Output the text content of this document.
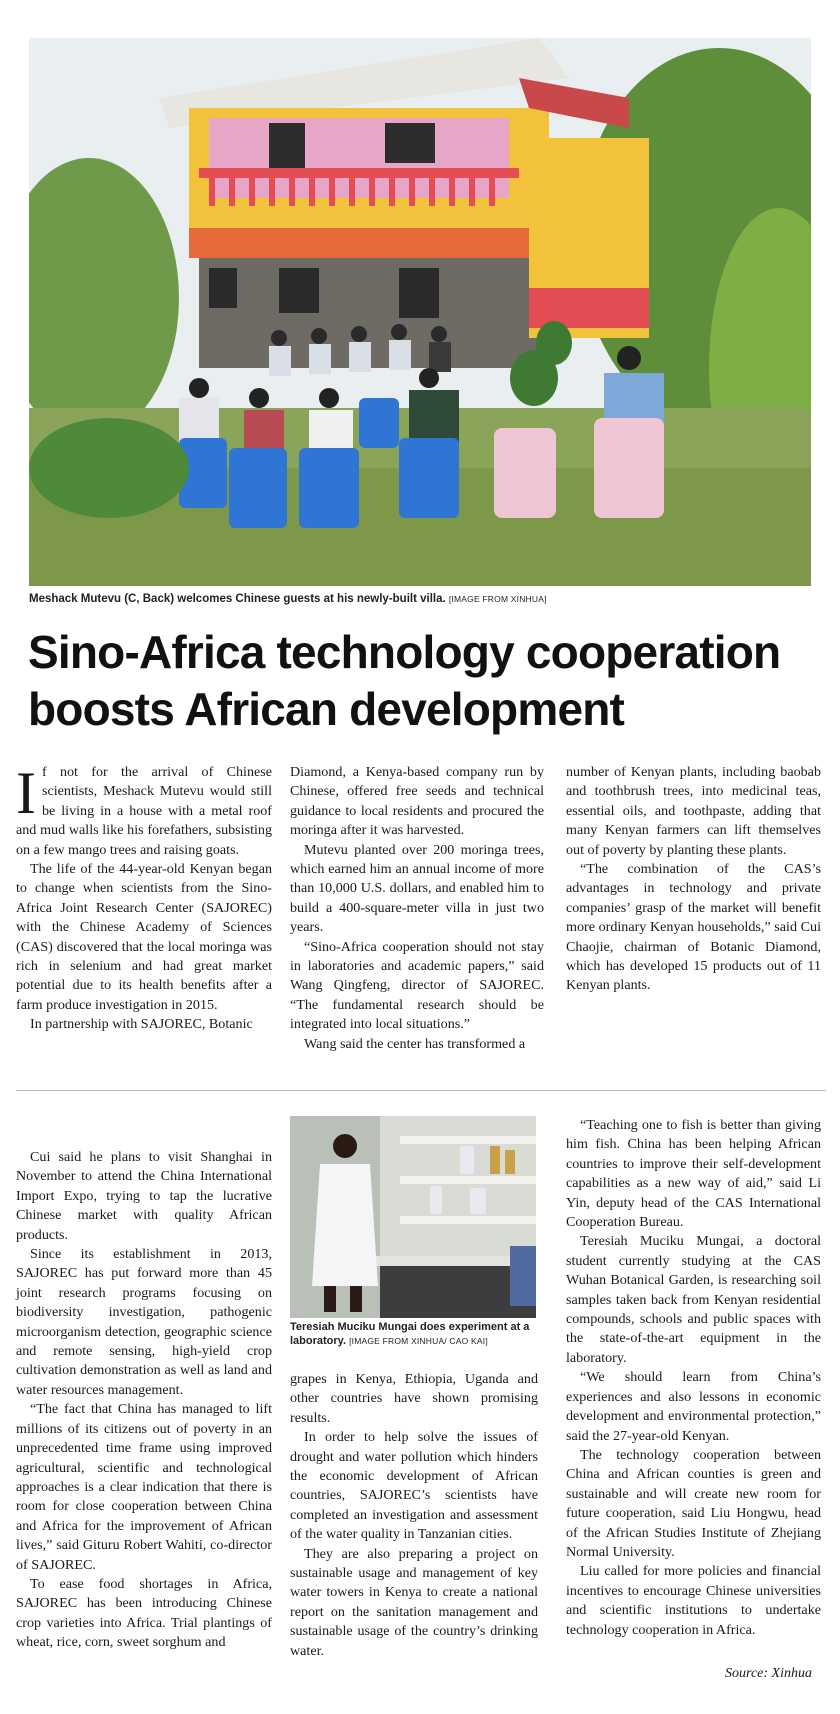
Meshack Mutevu (C, Back) welcomes Chinese guests at his newly-built villa. [IMAGE FROM XINHUA]
Sino-Africa technology cooperation boosts African development

If not for the arrival of Chinese scientists, Meshack Mutevu would still be living in a house with a metal roof and mud walls like his forefathers, subsisting on a few mango trees and raising goats.

The life of the 44-year-old Kenyan began to change when scientists from the Sino-Africa Joint Research Center (SAJOREC) with the Chinese Academy of Sciences (CAS) discovered that the local moringa was rich in selenium and had great market potential due to its health benefits after a farm produce investigation in 2015.

In partnership with SAJOREC, Botanic

Diamond, a Kenya-based company run by Chinese, offered free seeds and technical guidance to local residents and procured the moringa after it was harvested.

Mutevu planted over 200 moringa trees, which earned him an annual income of more than 10,000 U.S. dollars, and enabled him to build a 400-square-meter villa in just two years.

“Sino-Africa cooperation should not stay in laboratories and academic papers,” said Wang Qingfeng, director of SAJOREC. “The fundamental research should be integrated into local situations.”

Wang said the center has transformed a

number of Kenyan plants, including baobab and toothbrush trees, into medicinal teas, essential oils, and toothpaste, adding that many Kenyan farmers can lift themselves out of poverty by planting these plants.

“The combination of the CAS’s advantages in technology and private companies’ grasp of the market will benefit more ordinary Kenyan households,” said Cui Chaojie, chairman of Botanic Diamond, which has developed 15 products out of 11 Kenyan plants.

Cui said he plans to visit Shanghai in November to attend the China International Import Expo, trying to tap the lucrative Chinese market with quality African products.

Since its establishment in 2013, SAJOREC has put forward more than 45 joint research programs focusing on biodiversity investigation, pathogenic microorganism detection, geographic science and remote sensing, high-yield crop cultivation demonstration as well as land and water resources management.

“The fact that China has managed to lift millions of its citizens out of poverty in an unprecedented time frame using improved agricultural, scientific and technological approaches is a clear indication that there is room for close cooperation between China and Africa for the improvement of African lives,” said Gituru Robert Wahiti, co-director of SAJOREC.

To ease food shortages in Africa, SAJOREC has been introducing Chinese crop varieties into Africa. Trial plantings of wheat, rice, corn, sweet sorghum and

Teresiah Muciku Mungai does experiment at a laboratory. [IMAGE FROM XINHUA/ CAO KAI]

grapes in Kenya, Ethiopia, Uganda and other countries have shown promising results.

In order to help solve the issues of drought and water pollution which hinders the economic development of African countries, SAJOREC’s scientists have completed an investigation and assessment of the water quality in Tanzanian cities.

They are also preparing a project on sustainable usage and management of key water towers in Kenya to create a national report on the sanitation management and sustainable usage of the country’s drinking water.

“Teaching one to fish is better than giving him fish. China has been helping African countries to improve their self-development capabilities as a new way of aid,” said Li Yin, deputy head of the CAS International Cooperation Bureau.

Teresiah Muciku Mungai, a doctoral student currently studying at the CAS Wuhan Botanical Garden, is researching soil samples taken back from Kenyan residential compounds, schools and public spaces with the state-of-the-art equipment in the laboratory.

“We should learn from China’s experiences and also lessons in economic development and environmental protection,” said the 27-year-old Kenyan.

The technology cooperation between China and African counties is green and sustainable and will create new room for future cooperation, said Liu Hongwu, head of the African Studies Institute of Zhejiang Normal University.

Liu called for more policies and financial incentives to encourage Chinese universities and scientific institutions to undertake technology cooperation in Africa.

Source: Xinhua
